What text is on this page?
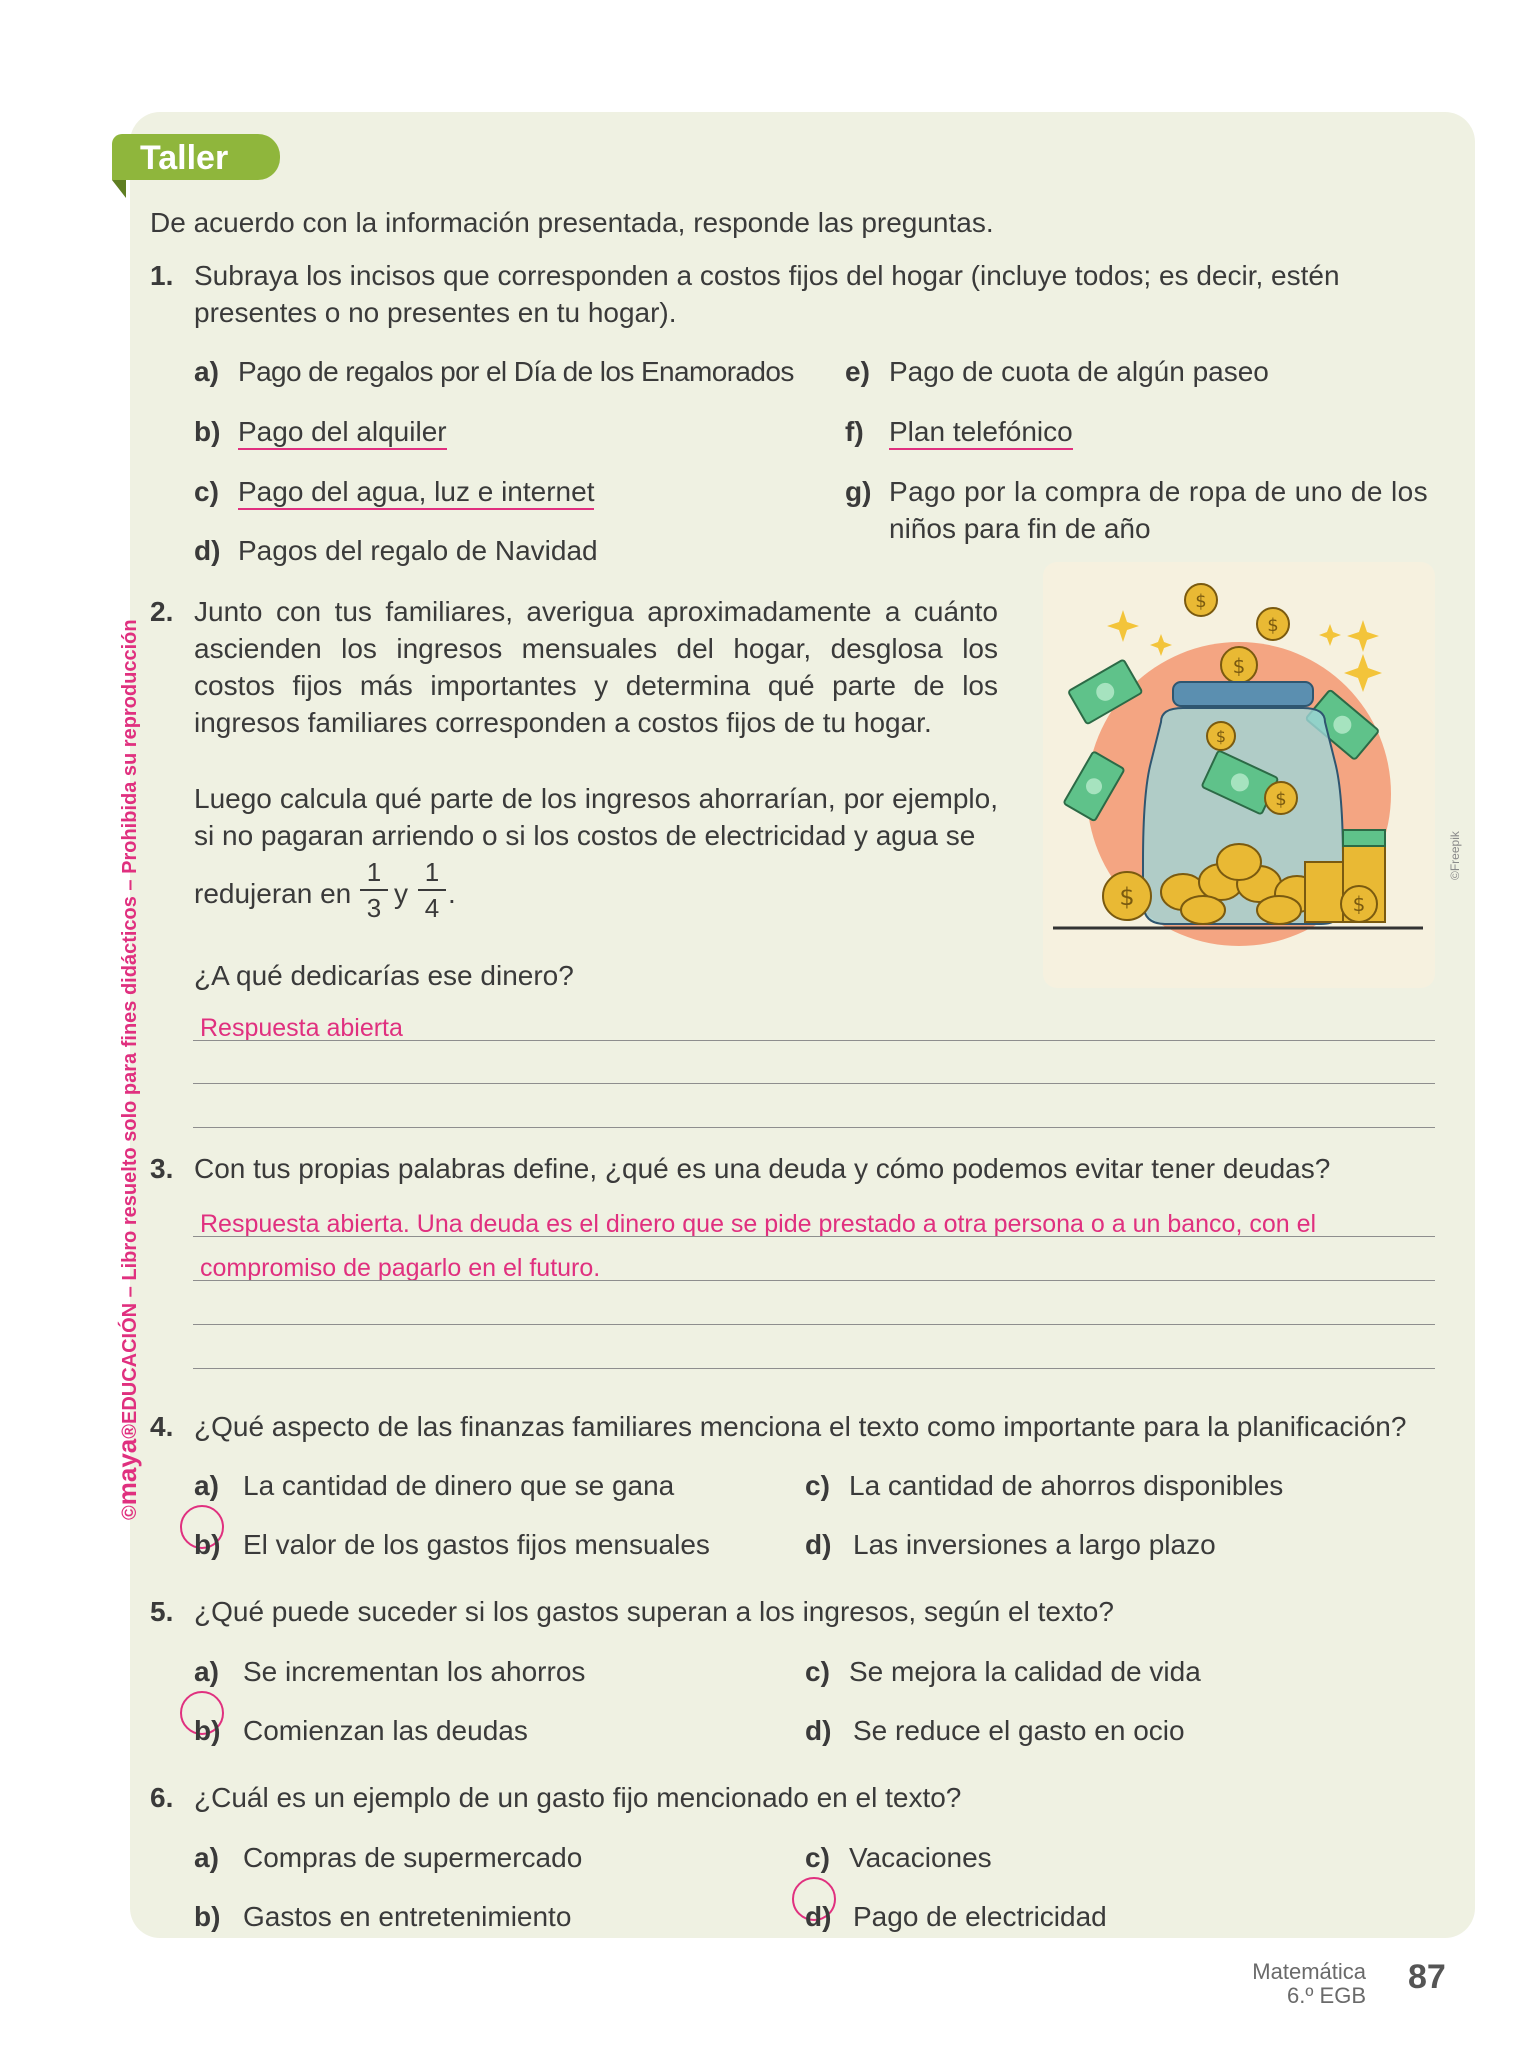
Taller
©maya®EDUCACIÓN – Libro resuelto solo para fines didácticos – Prohibida su reproducción
De acuerdo con la información presentada, responde las preguntas.
1. Subraya los incisos que corresponden a costos fijos del hogar (incluye todos; es decir, estén
presentes o no presentes en tu hogar).
a) Pago de regalos por el Día de los Enamorados
b) Pago del alquiler
c) Pago del agua, luz e internet
d) Pagos del regalo de Navidad
e) Pago de cuota de algún paseo
f) Plan telefónico
g) Pago por la compra de ropa de uno de los
niños para fin de año
2. Junto con tus familiares, averigua aproximadamente a cuánto ascienden los ingresos mensuales del hogar, desglosa los costos fijos más importantes y determina qué parte de los ingresos familiares corresponden a costos fijos de tu hogar.
Luego calcula qué parte de los ingresos ahorrarían, por ejemplo, si no pagaran arriendo o si los costos de electricidad y agua se
redujeran en
1
3 y
1
4 .
¿A qué dedicarías ese dinero?
Respuesta abierta
$
$
$
$
$
$	$
©Freepik
3. Con tus propias palabras define, ¿qué es una deuda y cómo podemos evitar tener deudas?
Respuesta abierta. Una deuda es el dinero que se pide prestado a otra persona o a un banco, con el
compromiso de pagarlo en el futuro.
4. ¿Qué aspecto de las finanzas familiares menciona el texto como importante para la planificación?
a) La cantidad de dinero que se gana
b) El valor de los gastos fijos mensuales
c) La cantidad de ahorros disponibles
d) Las inversiones a largo plazo
5. ¿Qué puede suceder si los gastos superan a los ingresos, según el texto?
a) Se incrementan los ahorros
b) Comienzan las deudas
c) Se mejora la calidad de vida
d) Se reduce el gasto en ocio
6. ¿Cuál es un ejemplo de un gasto fijo mencionado en el texto?
a) Compras de supermercado
b) Gastos en entretenimiento
c) Vacaciones
d) Pago de electricidad
Matemática
6.º EGB 87
